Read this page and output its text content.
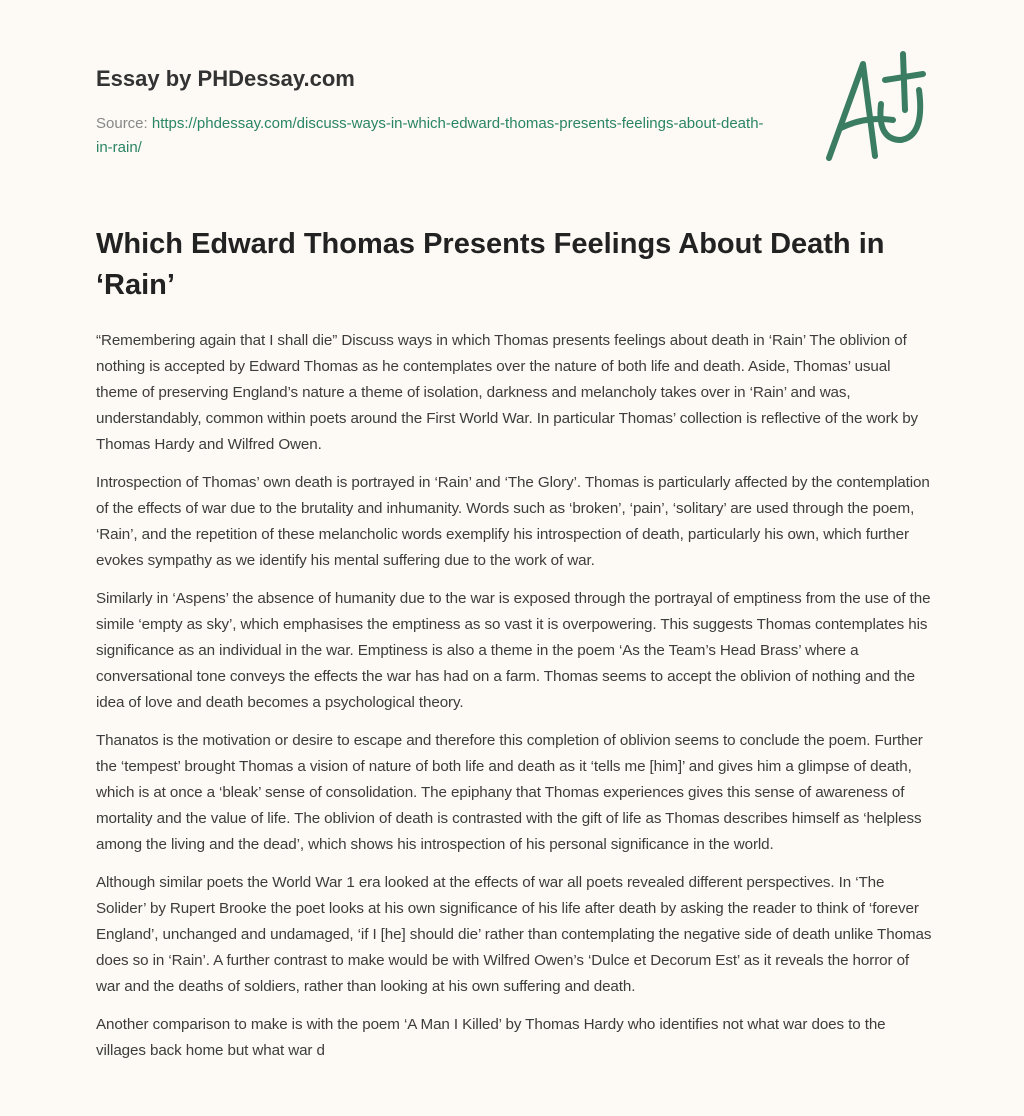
Essay by PHDessay.com
Source: https://phdessay.com/discuss-ways-in-which-edward-thomas-presents-feelings-about-death-in-rain/
Which Edward Thomas Presents Feelings About Death in ‘Rain’

“Remembering again that I shall die” Discuss ways in which Thomas presents feelings about death in ‘Rain’ The oblivion of nothing is accepted by Edward Thomas as he contemplates over the nature of both life and death. Aside, Thomas’ usual theme of preserving England’s nature a theme of isolation, darkness and melancholy takes over in ‘Rain’ and was, understandably, common within poets around the First World War. In particular Thomas’ collection is reflective of the work by Thomas Hardy and Wilfred Owen.

Introspection of Thomas’ own death is portrayed in ‘Rain’ and ‘The Glory’. Thomas is particularly affected by the contemplation of the effects of war due to the brutality and inhumanity. Words such as ‘broken’, ‘pain’, ‘solitary’ are used through the poem, ‘Rain’, and the repetition of these melancholic words exemplify his introspection of death, particularly his own, which further evokes sympathy as we identify his mental suffering due to the work of war.

Similarly in ‘Aspens’ the absence of humanity due to the war is exposed through the portrayal of emptiness from the use of the simile ‘empty as sky’, which emphasises the emptiness as so vast it is overpowering. This suggests Thomas contemplates his significance as an individual in the war. Emptiness is also a theme in the poem ‘As the Team’s Head Brass’ where a conversational tone conveys the effects the war has had on a farm. Thomas seems to accept the oblivion of nothing and the idea of love and death becomes a psychological theory.

Thanatos is the motivation or desire to escape and therefore this completion of oblivion seems to conclude the poem. Further the ‘tempest’ brought Thomas a vision of nature of both life and death as it ‘tells me [him]’ and gives him a glimpse of death, which is at once a ‘bleak’ sense of consolidation. The epiphany that Thomas experiences gives this sense of awareness of mortality and the value of life. The oblivion of death is contrasted with the gift of life as Thomas describes himself as ‘helpless among the living and the dead’, which shows his introspection of his personal significance in the world.

Although similar poets the World War 1 era looked at the effects of war all poets revealed different perspectives. In ‘The Solider’ by Rupert Brooke the poet looks at his own significance of his life after death by asking the reader to think of ‘forever England’, unchanged and undamaged, ‘if I [he] should die’ rather than contemplating the negative side of death unlike Thomas does so in ‘Rain’. A further contrast to make would be with Wilfred Owen’s ‘Dulce et Decorum Est’ as it reveals the horror of war and the deaths of soldiers, rather than looking at his own suffering and death.

Another comparison to make is with the poem ‘A Man I Killed’ by Thomas Hardy who identifies not what war does to the villages back home but what war d
